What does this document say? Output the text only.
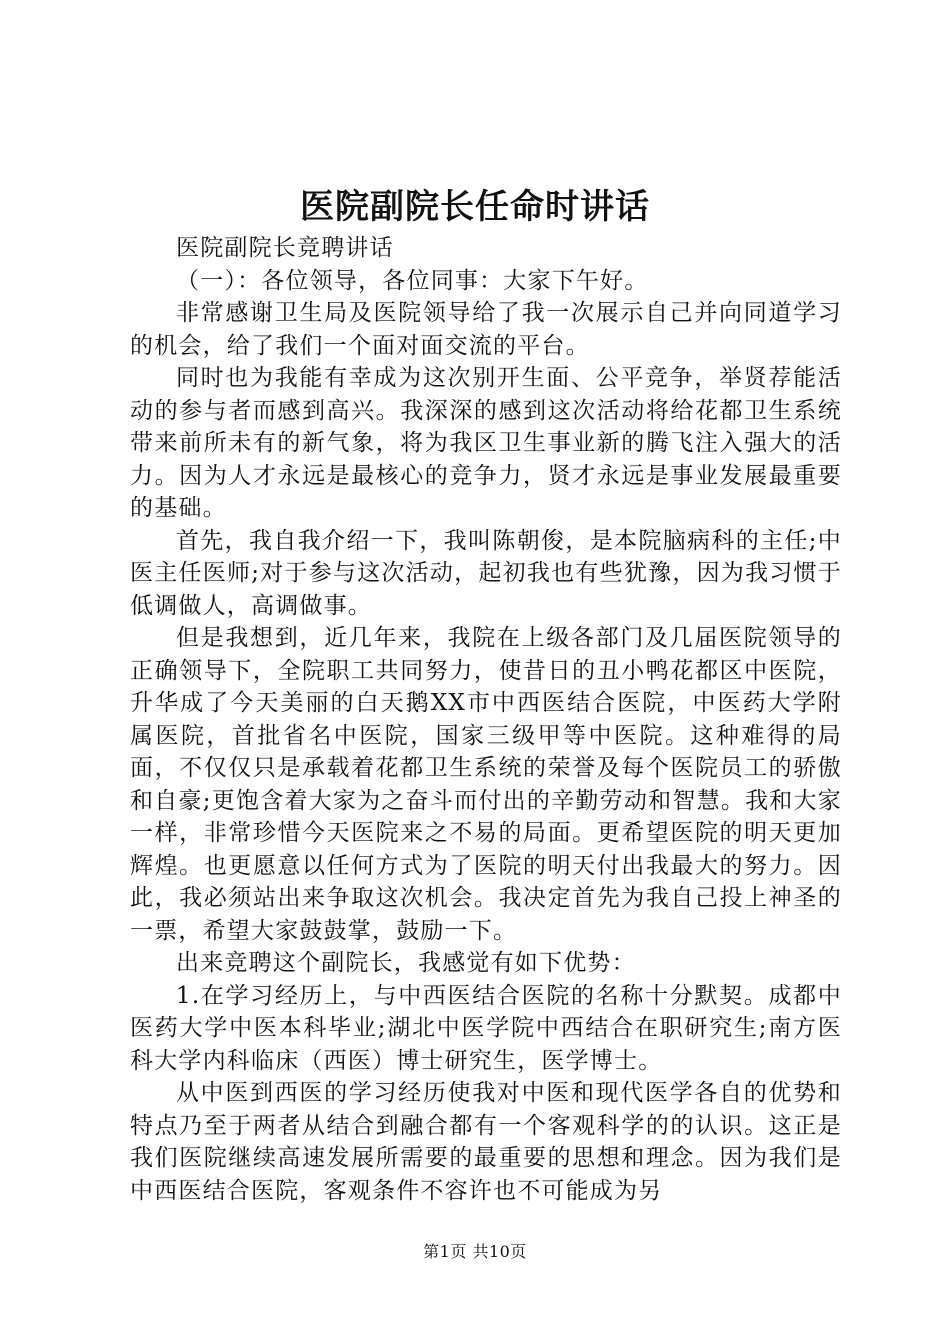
医院副院长任命时讲话

医院副院长竞聘讲话

（一）：各位领导，各位同事：大家下午好。

非常感谢卫生局及医院领导给了我一次展示自己并向同道学习的机会，给了我们一个面对面交流的平台。

同时也为我能有幸成为这次别开生面、公平竞争，举贤荐能活动的参与者而感到高兴。我深深的感到这次活动将给花都卫生系统带来前所未有的新气象，将为我区卫生事业新的腾飞注入强大的活力。因为人才永远是最核心的竞争力，贤才永远是事业发展最重要的基础。

首先，我自我介绍一下，我叫陈朝俊，是本院脑病科的主任;中医主任医师;对于参与这次活动，起初我也有些犹豫，因为我习惯于低调做人，高调做事。

但是我想到，近几年来，我院在上级各部门及几届医院领导的正确领导下，全院职工共同努力，使昔日的丑小鸭花都区中医院，升华成了今天美丽的白天鹅XX市中西医结合医院，中医药大学附属医院，首批省名中医院，国家三级甲等中医院。这种难得的局面，不仅仅只是承载着花都卫生系统的荣誉及每个医院员工的骄傲和自豪;更饱含着大家为之奋斗而付出的辛勤劳动和智慧。我和大家一样，非常珍惜今天医院来之不易的局面。更希望医院的明天更加辉煌。也更愿意以任何方式为了医院的明天付出我最大的努力。因此，我必须站出来争取这次机会。我决定首先为我自己投上神圣的一票，希望大家鼓鼓掌，鼓励一下。

出来竞聘这个副院长，我感觉有如下优势：

1.在学习经历上，与中西医结合医院的名称十分默契。成都中医药大学中医本科毕业;湖北中医学院中西结合在职研究生;南方医科大学内科临床（西医）博士研究生，医学博士。

从中医到西医的学习经历使我对中医和现代医学各自的优势和特点乃至于两者从结合到融合都有一个客观科学的的认识。这正是我们医院继续高速发展所需要的最重要的思想和理念。因为我们是中西医结合医院，客观条件不容许也不可能成为另

第1页 共10页
